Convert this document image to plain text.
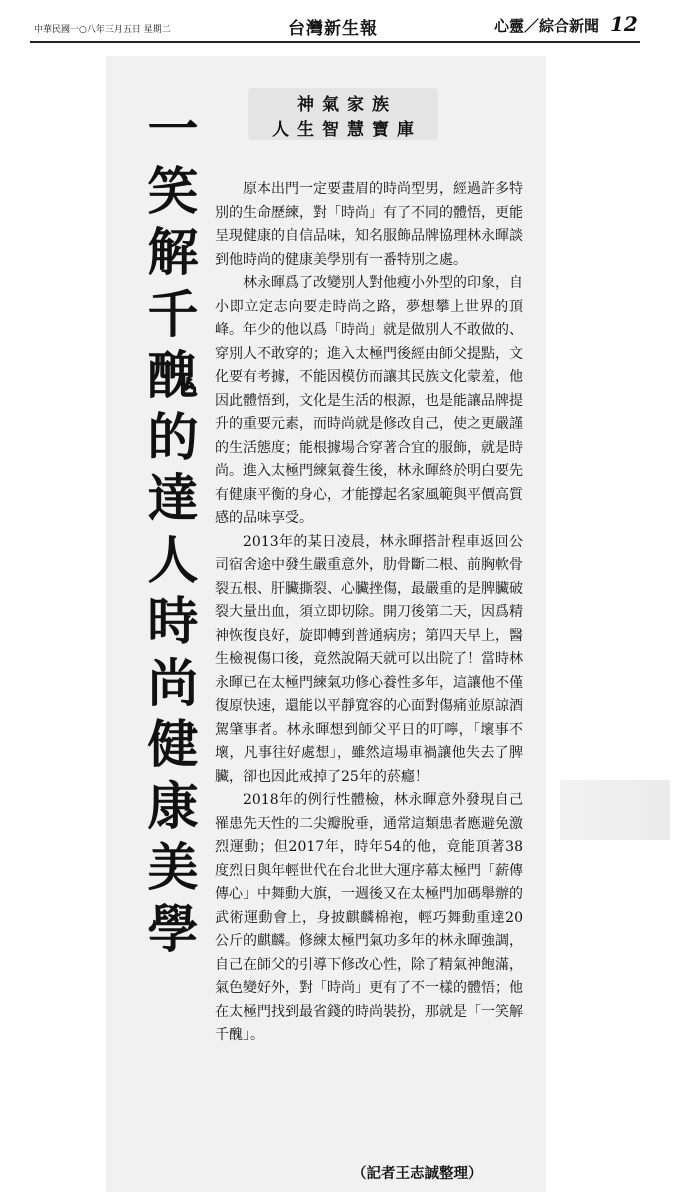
中華民國一○八年三月五日 星期二	台灣新生報	心靈／綜合新聞 12
神氣家族
人生智慧寶庫
一
笑
解
千
醜
的
達
人
時
尚
健
康
美
學

原本出門一定要畫眉的時尚型男，經過許多特別的生命歷練，對「時尚」有了不同的體悟，更能呈現健康的自信品味，知名服飾品牌協理林永暉談到他時尚的健康美學別有一番特別之處。

林永暉爲了改變別人對他瘦小外型的印象，自小即立定志向要走時尚之路，夢想攀上世界的頂峰。年少的他以爲「時尚」就是做別人不敢做的、穿別人不敢穿的；進入太極門後經由師父提點，文化要有考據，不能因模仿而讓其民族文化蒙羞，他因此體悟到，文化是生活的根源，也是能讓品牌提升的重要元素，而時尚就是修改自己，使之更嚴謹的生活態度；能根據場合穿著合宜的服飾，就是時尚。進入太極門練氣養生後，林永暉終於明白要先有健康平衡的身心，才能撐起名家風範與平價高質感的品味享受。

2013年的某日凌晨，林永暉搭計程車返回公司宿舍途中發生嚴重意外，肋骨斷二根、前胸軟骨裂五根、肝臟撕裂、心臟挫傷，最嚴重的是脾臟破裂大量出血，須立即切除。開刀後第二天，因爲精神恢復良好，旋即轉到普通病房；第四天早上，醫生檢視傷口後，竟然說隔天就可以出院了！當時林永暉已在太極門練氣功修心養性多年，這讓他不僅復原快速，還能以平靜寬容的心面對傷痛並原諒酒駕肇事者。林永暉想到師父平日的叮嚀，「壞事不壞，凡事往好處想」，雖然這場車禍讓他失去了脾臟，卻也因此戒掉了25年的菸癮！

2018年的例行性體檢，林永暉意外發現自己罹患先天性的二尖瓣脫垂，通常這類患者應避免激烈運動；但2017年，時年54的他，竟能頂著38度烈日與年輕世代在台北世大運序幕太極門「薪傳傳心」中舞動大旗，一週後又在太極門加碼舉辦的武術運動會上，身披麒麟棉袍，輕巧舞動重達20公斤的麒麟。修練太極門氣功多年的林永暉強調，自己在師父的引導下修改心性，除了精氣神飽滿，氣色變好外，對「時尚」更有了不一樣的體悟；他在太極門找到最省錢的時尚裝扮，那就是「一笑解千醜」。

（記者王志誠整理）
